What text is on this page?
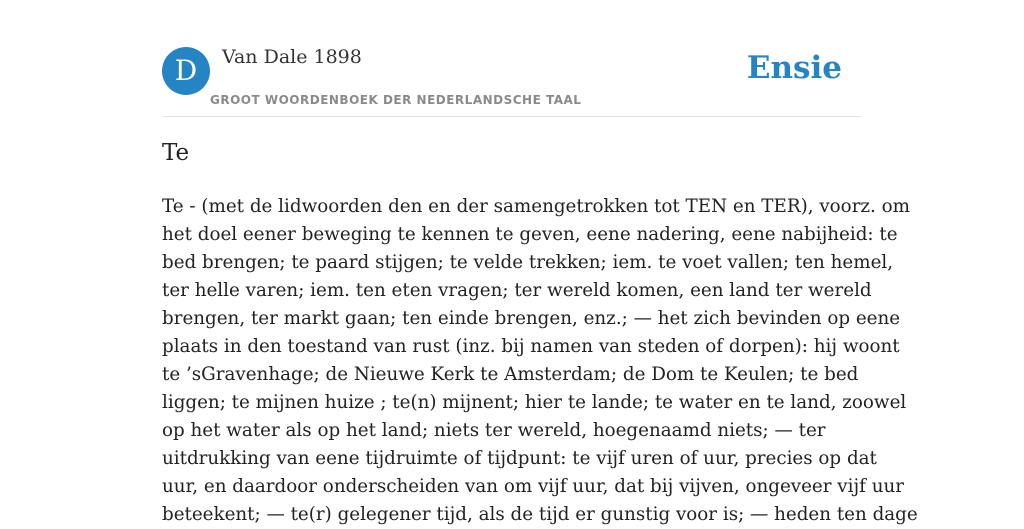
D	Van Dale 1898
GROOT WOORDENBOEK DER NEDERLANDSCHE TAAL
Ensie
Te
Te - (met de lidwoorden den en der samengetrokken tot TEN en TER), voorz. om
het doel eener beweging te kennen te geven, eene nadering, eene nabijheid: te
bed brengen; te paard stijgen; te velde trekken; iem. te voet vallen; ten hemel,
ter helle varen; iem. ten eten vragen; ter wereld komen, een land ter wereld
brengen, ter markt gaan; ten einde brengen, enz.; — het zich bevinden op eene
plaats in den toestand van rust (inz. bij namen van steden of dorpen): hij woont
te ’sGravenhage; de Nieuwe Kerk te Amsterdam; de Dom te Keulen; te bed
liggen; te mijnen huize ; te(n) mijnent; hier te lande; te water en te land, zoowel
op het water als op het land; niets ter wereld, hoegenaamd niets; — ter
uitdrukking van eene tijdruimte of tijdpunt: te vijf uren of uur, precies op dat
uur, en daardoor onderscheiden van om vijf uur, dat bij vijven, ongeveer vijf uur
beteekent; — te(r) gelegener tijd, als de tijd er gunstig voor is; — heden ten dage
